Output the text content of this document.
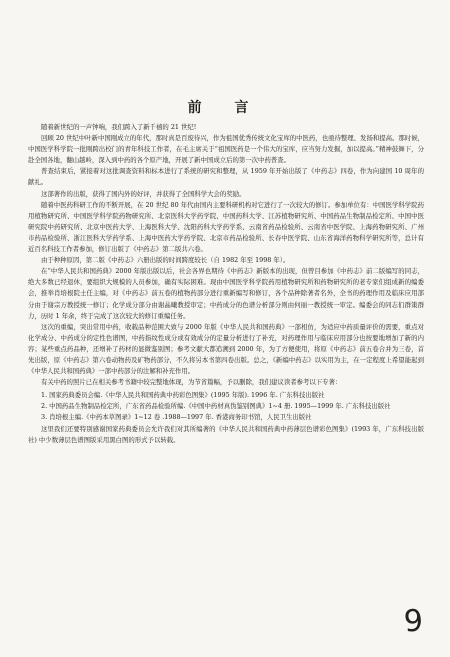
前 言

随着新世纪的一声钟响，我们跨入了新千禧的 21 世纪!

回顾 20 世纪中叶新中国刚成立的年代，那时真是百废待兴，作为祖国优秀传统文化宝库的中医药，也亟待整理、发扬和提高。那时候，中国医学科学院一批刚跨出校门的青年科技工作者，在毛主席关于“祖国医药是一个伟大的宝库，应当努力发掘，加以提高。”精神鼓舞下，分赴全国各地，翻山越岭，深入到中药的各个原产地，开展了新中国成立后的第一次中药普查。

普查结束后，紧接着对这批调查资料和标本进行了系统的研究和整理，从 1959 年开始出版了《中药志》四卷，作为向建国 10 周年的献礼。

这部著作的出版，获得了国内外的好评，并获得了全国科学大会的奖励。

随着中医药科研工作的不断开展，在 20 世纪 80 年代由国内主要科研机构对它进行了一次较大的修订。参加单位有：中国医学科学院药用植物研究所、中国医学科学院药物研究所、北京医科大学药学院、中国药科大学、江苏植物研究所、中国药品生物制品检定所、中国中医研究院中药研究所、北京中医药大学、上海医科大学、沈阳药科大学药学系、云南省药品检验所、云南省中医学院、上海药物研究所、广州市药品检验所、浙江医科大学药学系、上海中医药大学药学院、北京市药品检验所、长春中医学院、山东省海洋药物科学研究所等，总计有近百名科技工作者参加，修订出版了《中药志》第二版共六卷。

由于种种原因，第二版《中药志》六册出版的时间跨度较长（自 1982 年至 1998 年）。

在“中华人民共和国药典》2000 年版出版以后，社会各界也期待《中药志》新版本的出现，但曾目参加《中药志》前二版编写的同志，绝大多数已经退休，要组织大规模的人员参加，确有实际困难。现由中国医学科学院药用植物研究所和药物研究所的老专家们组成新的编委会，推举肖培根院士任主编，对《中药志》前五卷的植物药部分进行重新编写和修订，各个品种除著者名外，全书的药理作用及临床应用部分由于谢宗万教授统一修订；化学成分部分由谢晶曦教授审定；中药成分的色谱分析部分则由何丽一教授统一审定。编委会的同志们群策群力，历时 1 年余，终于完成了这次较大的修订重编任务。

这次的重编，突出常用中药，收载品种范围大致与 2000 年版《中华人民共和国药典》一部相仿，为适应中药质量评价的需要，重点对化学成分、中药成分的定性色谱图，中药指纹性成分或有效成分的定量分析进行了补充，对药理作用与临床应用部分也按要地增加了新的内容；某些重点药品种，还增补了药材的显微鉴别图；参考文献大都追溯到 2000 年，为了方便使用，将原《中药志》前五卷合并为三卷，首先出版，原《中药志》第六卷动物药及矿物药部分，不久将另本书第四卷出版。总之，《新编中药志》以实用为主，在一定程度上希望能起到《中华人民共和国药典》一部中药部分的注解和补充作用。

有关中药的照片已在相关参考书籍中较完整地体现，为节省篇幅，予以删除，我们建议读者参考以下专著：

1. 国家药典委员会编.《中华人民共和国药典中药彩色图集》(1995 年版). 1996 年. 广东科技出版社

2. 中国药品生物制品检定所，广东省药品检验所编.《中国中药材真伪鉴别图典》1~4 册. 1995—1999 年. 广东科技出版社

3. 肖培根主编.《中药本草图录》1~12 卷 .1988—1997 年. 香港商务印书馆，人民卫生出版社

这里我们还要特别感谢国家药典委员会允许我们对其所编著的《中华人民共和国药典中药薄层色谱彩色图集》(1993 年，广东科技出版社) 中少数薄层色谱图版采用黑白图的形式予以转载。

9
